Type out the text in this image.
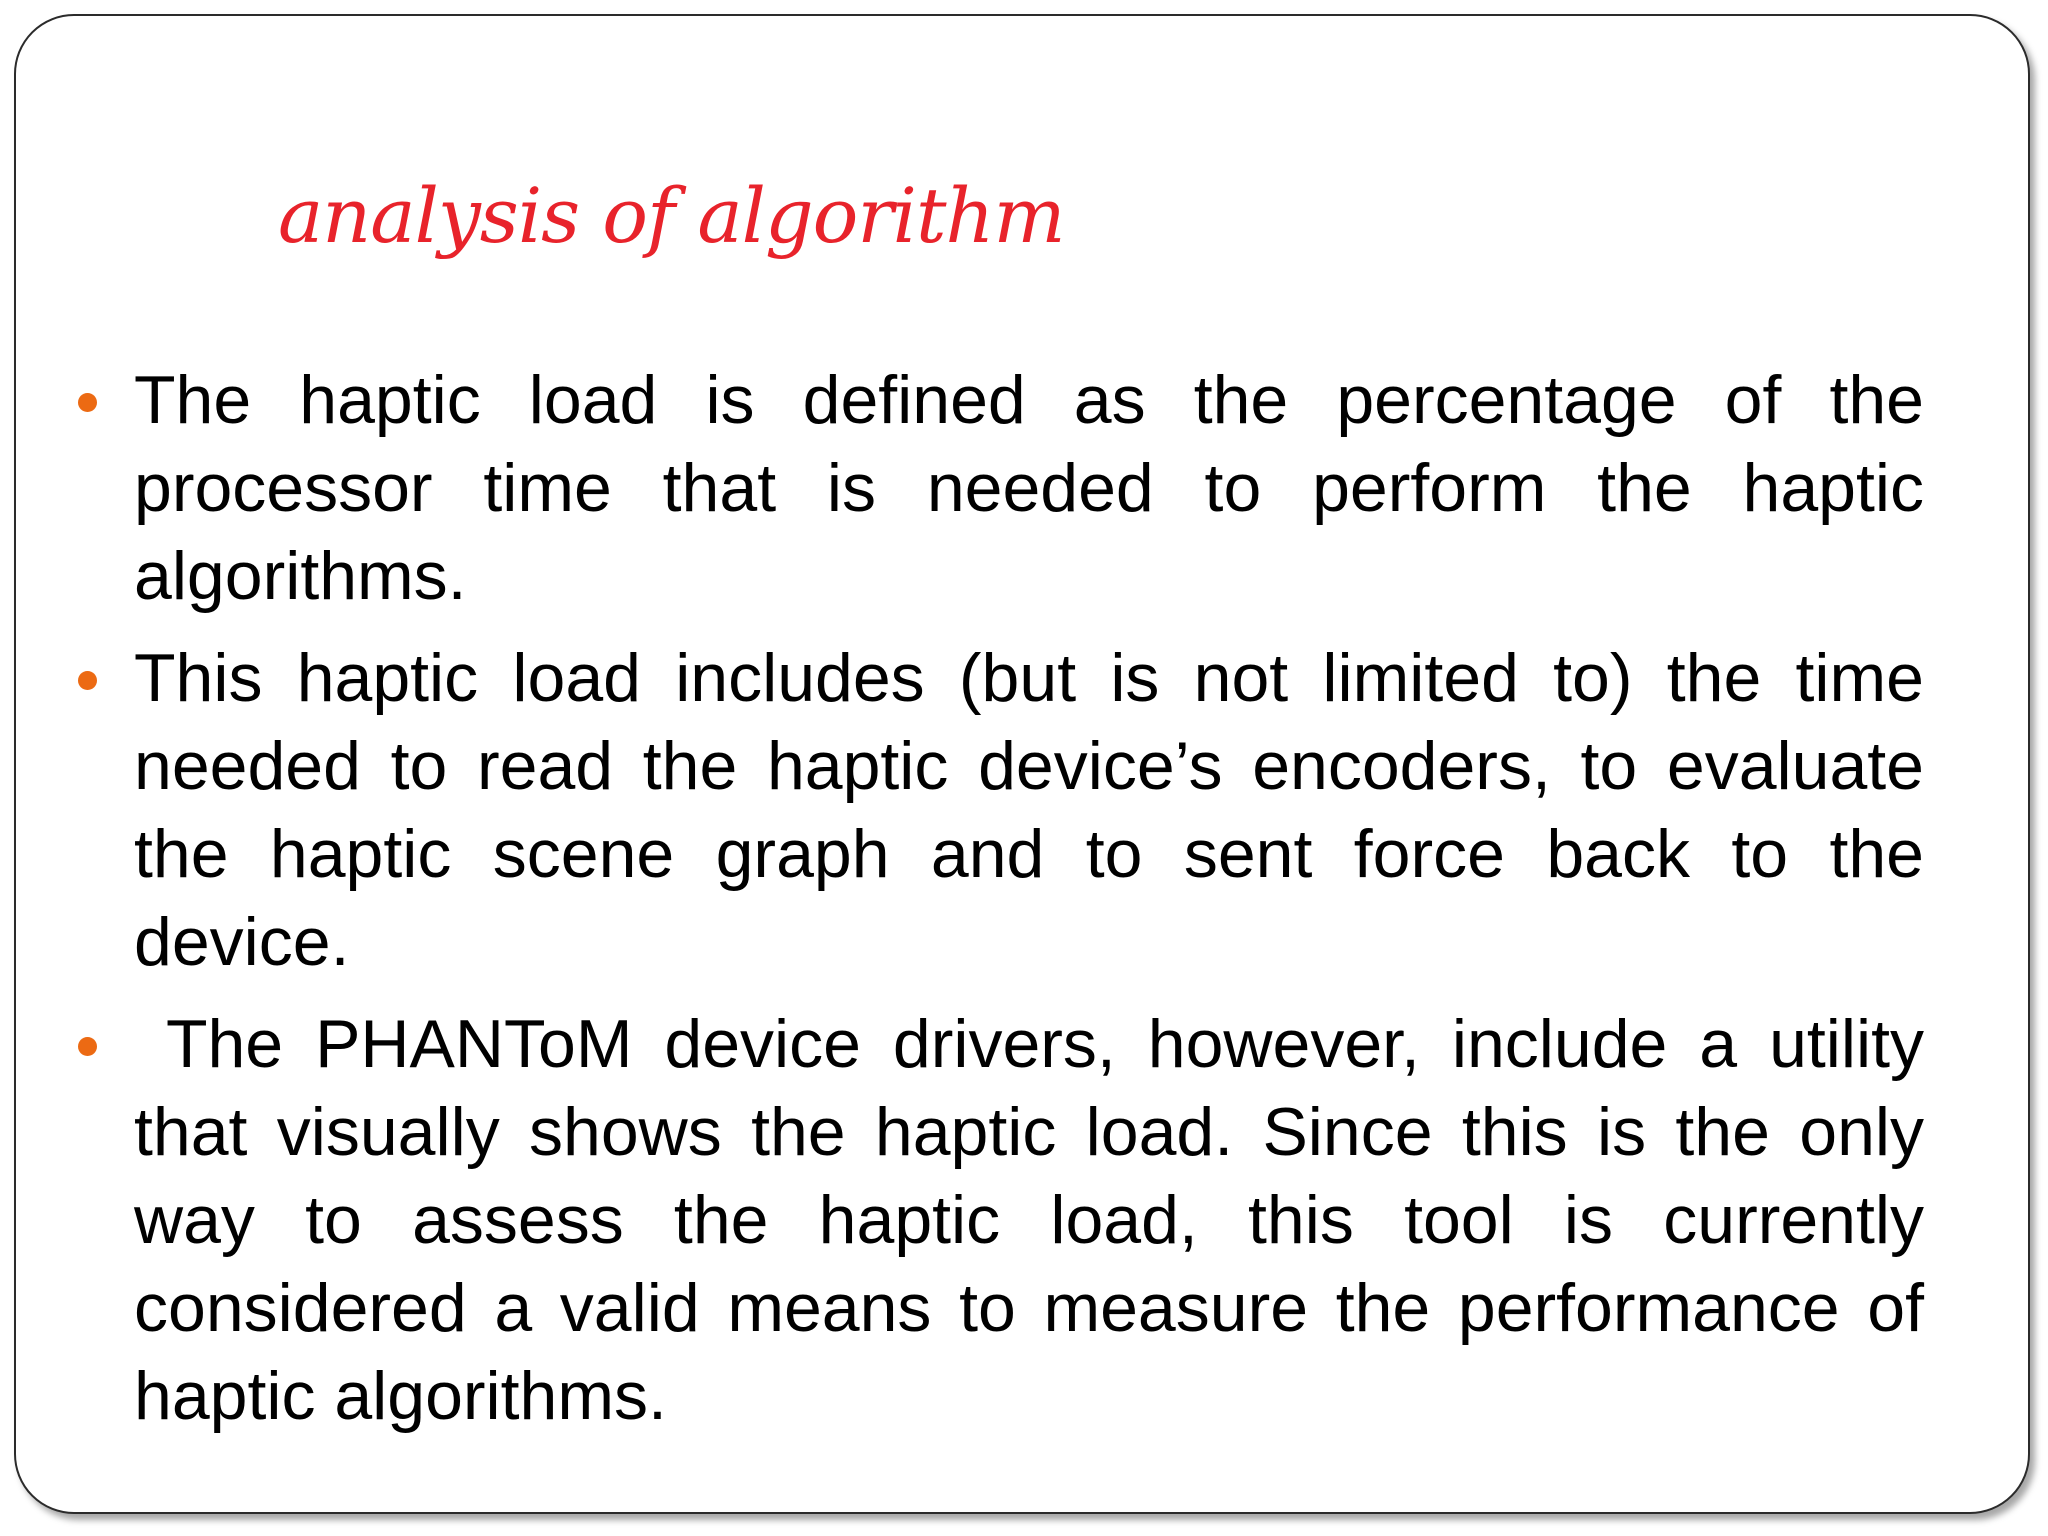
analysis of algorithm
The haptic load is defined as the percentage of the processor time that is needed to perform the haptic algorithms.
This haptic load includes (but is not limited to) the time needed to read the haptic device’s encoders, to evaluate the haptic scene graph and to sent force back to the device.
The PHANToM device drivers, however, include a utility that visually shows the haptic load. Since this is the only way to assess the haptic load, this tool is currently considered a valid means to measure the performance of haptic algorithms.
